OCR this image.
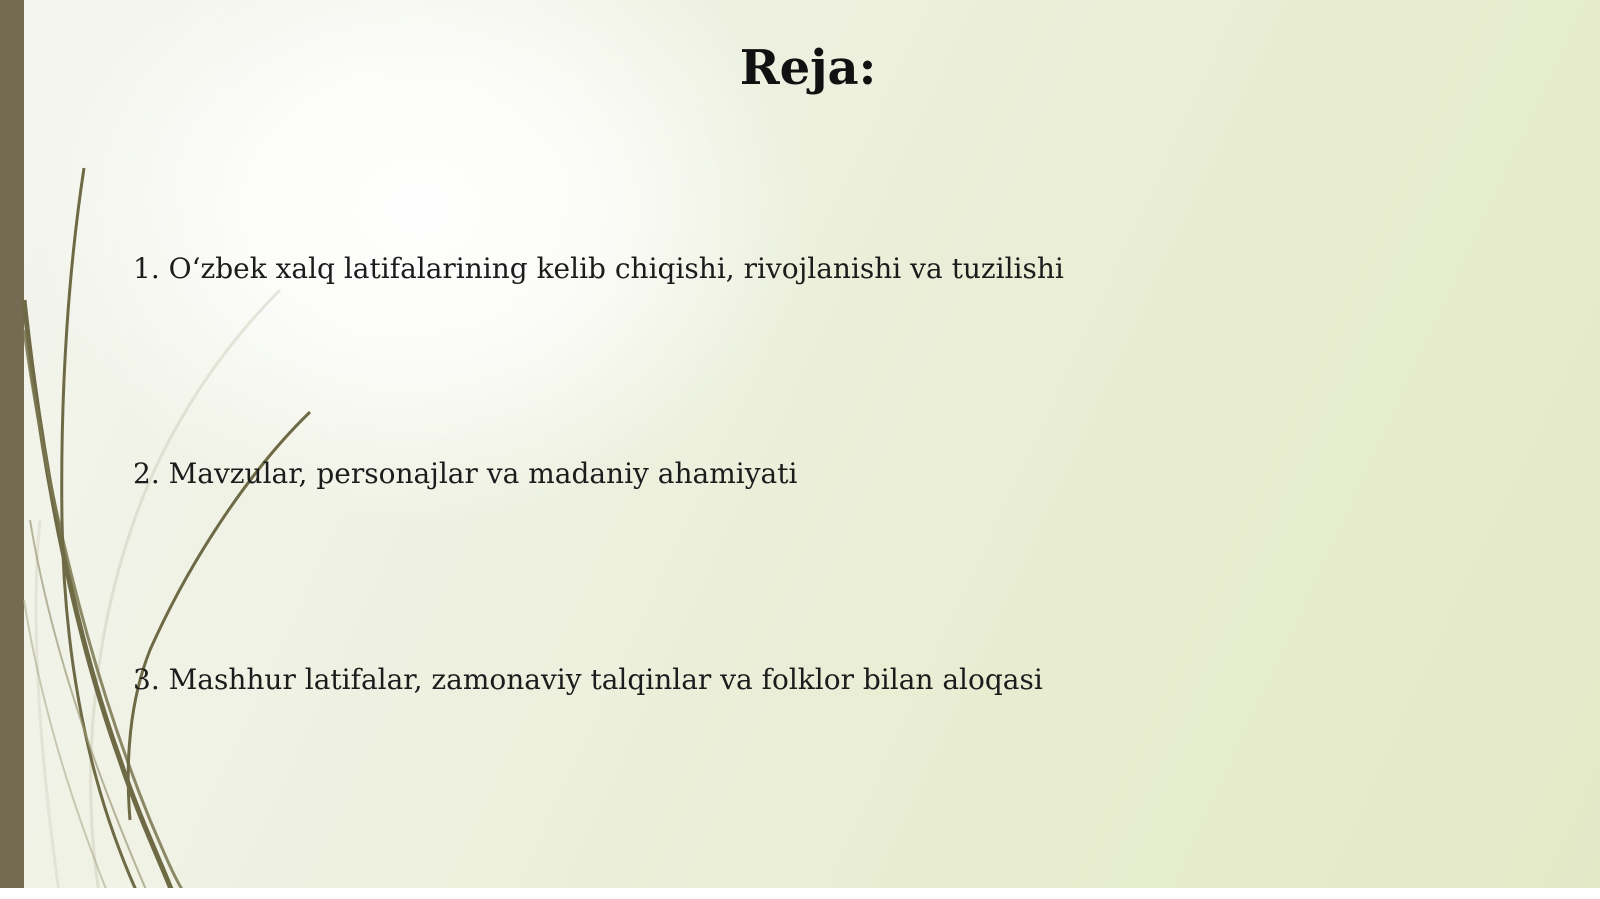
Reja:
1. O‘zbek xalq latifalarining kelib chiqishi, rivojlanishi va tuzilishi
2. Mavzular, personajlar va madaniy ahamiyati
3. Mashhur latifalar, zamonaviy talqinlar va folklor bilan aloqasi
